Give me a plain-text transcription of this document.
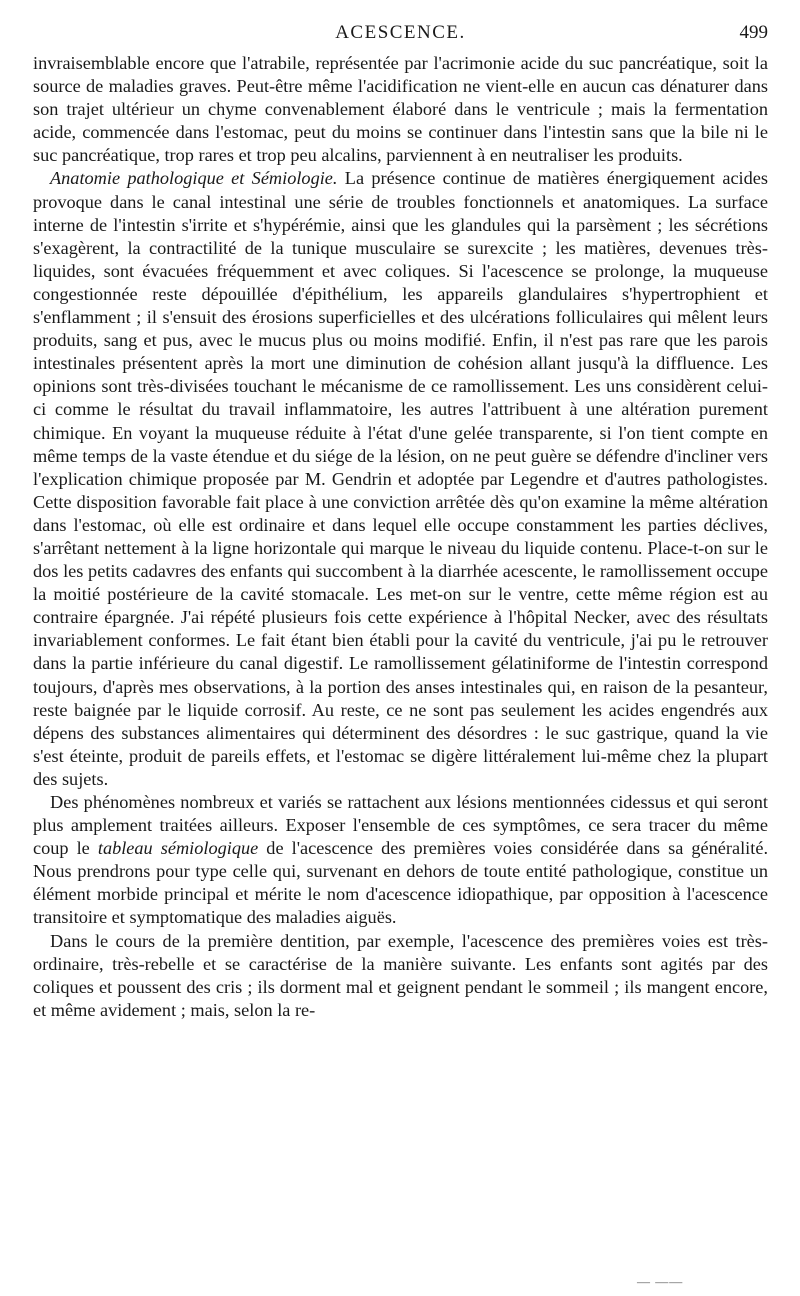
ACESCENCE.	499

invraisemblable encore que l'atrabile, représentée par l'acrimonie acide du suc pancréatique, soit la source de maladies graves. Peut-être même l'acidification ne vient-elle en aucun cas dénaturer dans son trajet ultérieur un chyme convenablement élaboré dans le ventricule ; mais la fermentation acide, commencée dans l'estomac, peut du moins se continuer dans l'intestin sans que la bile ni le suc pancréatique, trop rares et trop peu alcalins, parviennent à en neutraliser les produits.

Anatomie pathologique et Sémiologie. La présence continue de matières énergiquement acides provoque dans le canal intestinal une série de troubles fonctionnels et anatomiques. La surface interne de l'intestin s'irrite et s'hypérémie, ainsi que les glandules qui la parsèment ; les sécrétions s'exagèrent, la contractilité de la tunique musculaire se surexcite ; les matières, devenues très-liquides, sont évacuées fréquemment et avec coliques. Si l'acescence se prolonge, la muqueuse congestionnée reste dépouillée d'épithélium, les appareils glandulaires s'hypertrophient et s'enflamment ; il s'ensuit des érosions superficielles et des ulcérations folliculaires qui mêlent leurs produits, sang et pus, avec le mucus plus ou moins modifié. Enfin, il n'est pas rare que les parois intestinales présentent après la mort une diminution de cohésion allant jusqu'à la diffluence. Les opinions sont très-divisées touchant le mécanisme de ce ramollissement. Les uns considèrent celui-ci comme le résultat du travail inflammatoire, les autres l'attribuent à une altération purement chimique. En voyant la muqueuse réduite à l'état d'une gelée transparente, si l'on tient compte en même temps de la vaste étendue et du siége de la lésion, on ne peut guère se défendre d'incliner vers l'explication chimique proposée par M. Gendrin et adoptée par Legendre et d'autres pathologistes. Cette disposition favorable fait place à une conviction arrêtée dès qu'on examine la même altération dans l'estomac, où elle est ordinaire et dans lequel elle occupe constamment les parties déclives, s'arrêtant nettement à la ligne horizontale qui marque le niveau du liquide contenu. Place-t-on sur le dos les petits cadavres des enfants qui succombent à la diarrhée acescente, le ramollissement occupe la moitié postérieure de la cavité stomacale. Les met-on sur le ventre, cette même région est au contraire épargnée. J'ai répété plusieurs fois cette expérience à l'hôpital Necker, avec des résultats invariablement conformes. Le fait étant bien établi pour la cavité du ventricule, j'ai pu le retrouver dans la partie inférieure du canal digestif. Le ramollissement gélatiniforme de l'intestin correspond toujours, d'après mes observations, à la portion des anses intestinales qui, en raison de la pesanteur, reste baignée par le liquide corrosif. Au reste, ce ne sont pas seulement les acides engendrés aux dépens des substances alimentaires qui déterminent des désordres : le suc gastrique, quand la vie s'est éteinte, produit de pareils effets, et l'estomac se digère littéralement lui-même chez la plupart des sujets.

Des phénomènes nombreux et variés se rattachent aux lésions mentionnées cidessus et qui seront plus amplement traitées ailleurs. Exposer l'ensemble de ces symptômes, ce sera tracer du même coup le tableau sémiologique de l'acescence des premières voies considérée dans sa généralité. Nous prendrons pour type celle qui, survenant en dehors de toute entité pathologique, constitue un élément morbide principal et mérite le nom d'acescence idiopathique, par opposition à l'acescence transitoire et symptomatique des maladies aiguës.

Dans le cours de la première dentition, par exemple, l'acescence des premières voies est très-ordinaire, très-rebelle et se caractérise de la manière suivante. Les enfants sont agités par des coliques et poussent des cris ; ils dorment mal et geignent pendant le sommeil ; ils mangent encore, et même avidement ; mais, selon la re-

— ——
